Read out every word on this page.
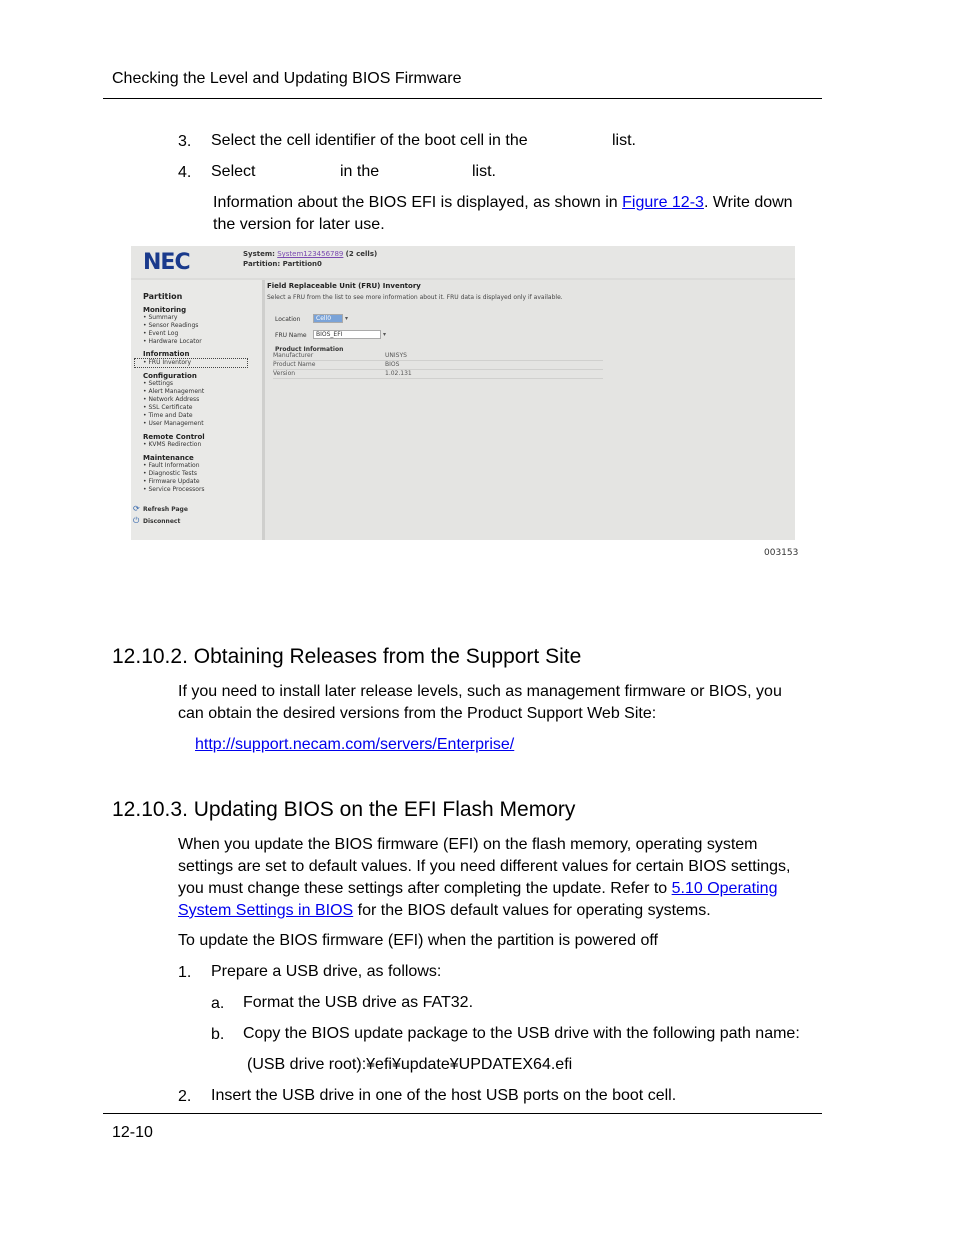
Checking the Level and Updating BIOS Firmware
3. Select the cell identifier of the boot cell in the	list.
4. Select	in the	list.
Information about the BIOS EFI is displayed, as shown in Figure 12-3. Write down
the version for later use.
NEC	System: System123456789 (2 cells)
Partition: Partition0
Partition
Monitoring
• Summary
• Sensor Readings
• Event Log
• Hardware Locator
Information
• FRU Inventory
Configuration
• Settings
• Alert Management
• Network Address
• SSL Certificate
• Time and Date
• User Management
Remote Control
• KVMS Redirection
Maintenance
• Fault Information
• Diagnostic Tests
• Firmware Update
• Service Processors
⟳ Refresh Page
⏻ Disconnect
Field Replaceable Unit (FRU) Inventory
Select a FRU from the list to see more information about it. FRU data is displayed only if available.
Location	Cell0	▾
FRU Name	BIOS_EFI	▾
Product Information
Manufacturer	UNISYS
Product Name	BIOS
Version	1.02.131
003153
12.10.2. Obtaining Releases from the Support Site
If you need to install later release levels, such as management firmware or BIOS, you
can obtain the desired versions from the Product Support Web Site:
http://support.necam.com/servers/Enterprise/
12.10.3. Updating BIOS on the EFI Flash Memory
When you update the BIOS firmware (EFI) on the flash memory, operating system
settings are set to default values. If you need different values for certain BIOS settings,
you must change these settings after completing the update. Refer to 5.10 Operating
System Settings in BIOS for the BIOS default values for operating systems.
To update the BIOS firmware (EFI) when the partition is powered off
1. Prepare a USB drive, as follows:
a. Format the USB drive as FAT32.
b. Copy the BIOS update package to the USB drive with the following path name:
(USB drive root):¥efi¥update¥UPDATEX64.efi
2. Insert the USB drive in one of the host USB ports on the boot cell.
12-10
